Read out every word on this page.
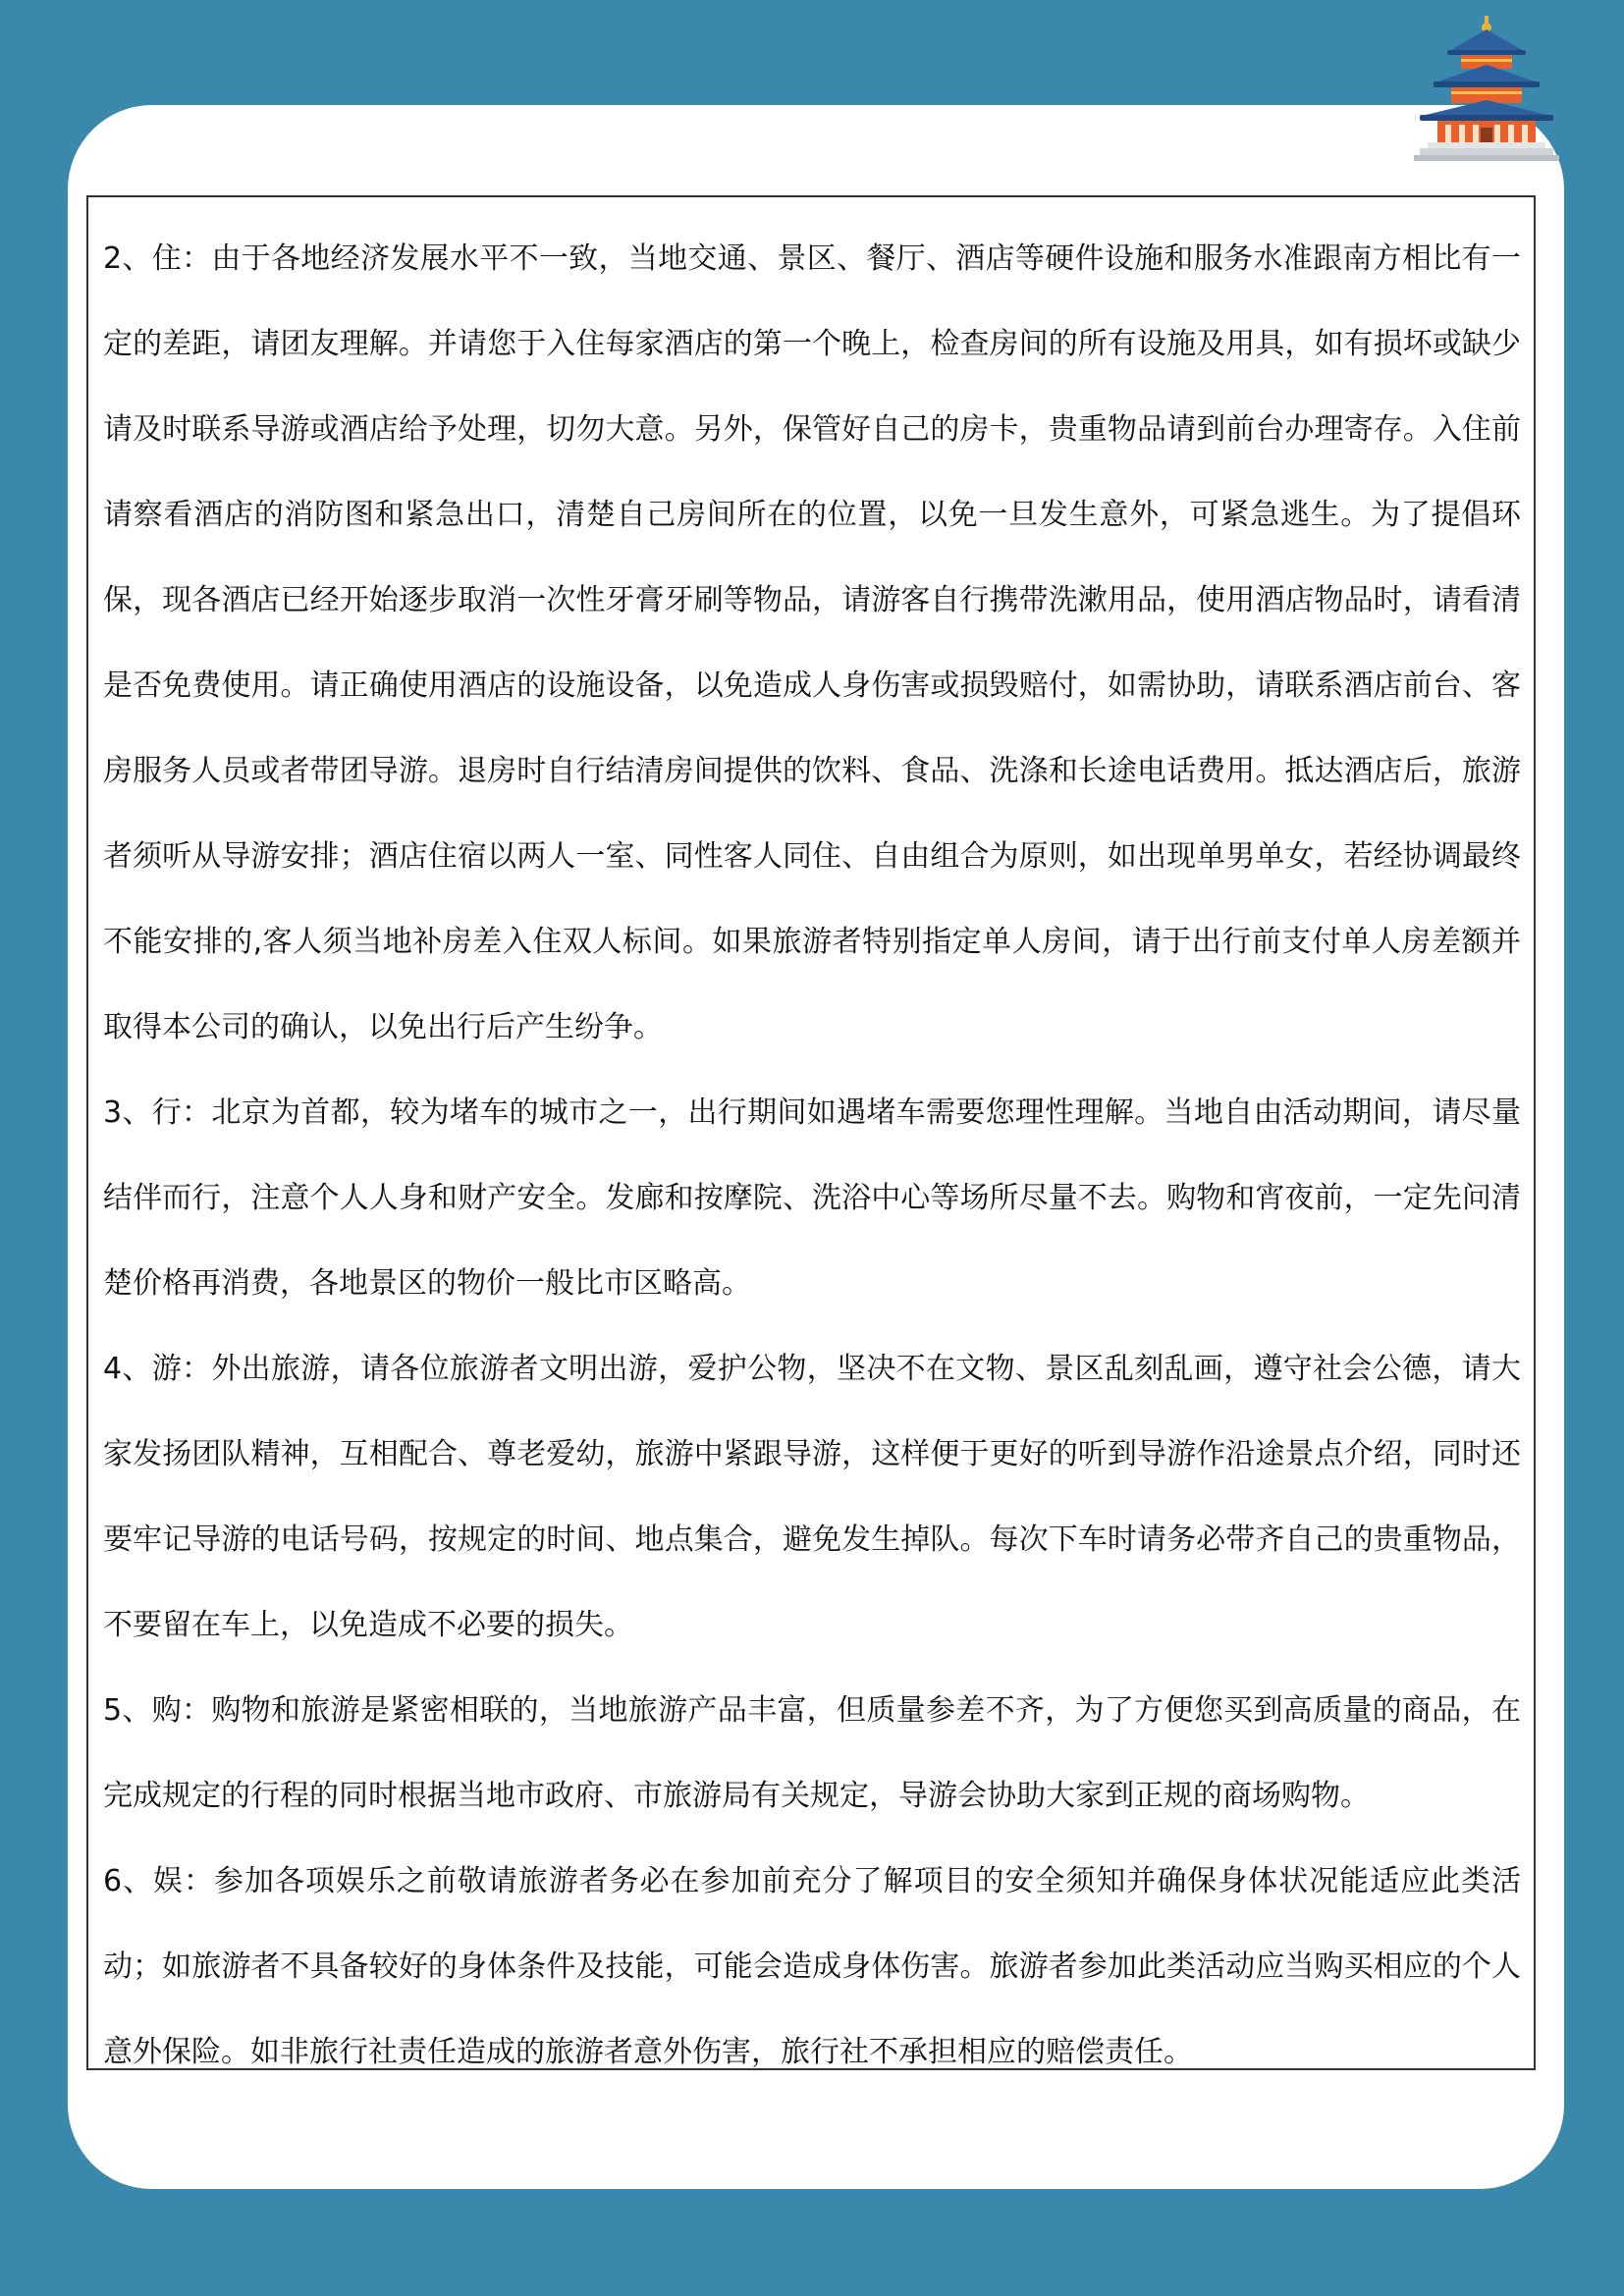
2、住：由于各地经济发展水平不一致，当地交通、景区、餐厅、酒店等硬件设施和服务水准跟南方相比有一定的差距，请团友理解。并请您于入住每家酒店的第一个晚上，检查房间的所有设施及用具，如有损坏或缺少请及时联系导游或酒店给予处理，切勿大意。另外，保管好自己的房卡，贵重物品请到前台办理寄存。入住前请察看酒店的消防图和紧急出口，清楚自己房间所在的位置，以免一旦发生意外，可紧急逃生。为了提倡环保，现各酒店已经开始逐步取消一次性牙膏牙刷等物品，请游客自行携带洗漱用品，使用酒店物品时，请看清是否免费使用。请正确使用酒店的设施设备，以免造成人身伤害或损毁赔付，如需协助，请联系酒店前台、客房服务人员或者带团导游。退房时自行结清房间提供的饮料、食品、洗涤和长途电话费用。抵达酒店后，旅游者须听从导游安排；酒店住宿以两人一室、同性客人同住、自由组合为原则，如出现单男单女，若经协调最终不能安排的,客人须当地补房差入住双人标间。如果旅游者特别指定单人房间，请于出行前支付单人房差额并取得本公司的确认，以免出行后产生纷争。

3、行：北京为首都，较为堵车的城市之一，出行期间如遇堵车需要您理性理解。当地自由活动期间，请尽量结伴而行，注意个人人身和财产安全。发廊和按摩院、洗浴中心等场所尽量不去。购物和宵夜前，一定先问清楚价格再消费，各地景区的物价一般比市区略高。

4、游：外出旅游，请各位旅游者文明出游，爱护公物，坚决不在文物、景区乱刻乱画，遵守社会公德，请大家发扬团队精神，互相配合、尊老爱幼，旅游中紧跟导游，这样便于更好的听到导游作沿途景点介绍，同时还要牢记导游的电话号码，按规定的时间、地点集合，避免发生掉队。每次下车时请务必带齐自己的贵重物品，不要留在车上，以免造成不必要的损失。

5、购：购物和旅游是紧密相联的，当地旅游产品丰富，但质量参差不齐，为了方便您买到高质量的商品，在完成规定的行程的同时根据当地市政府、市旅游局有关规定，导游会协助大家到正规的商场购物。

6、娱：参加各项娱乐之前敬请旅游者务必在参加前充分了解项目的安全须知并确保身体状况能适应此类活动；如旅游者不具备较好的身体条件及技能，可能会造成身体伤害。旅游者参加此类活动应当购买相应的个人意外保险。如非旅行社责任造成的旅游者意外伤害，旅行社不承担相应的赔偿责任。
